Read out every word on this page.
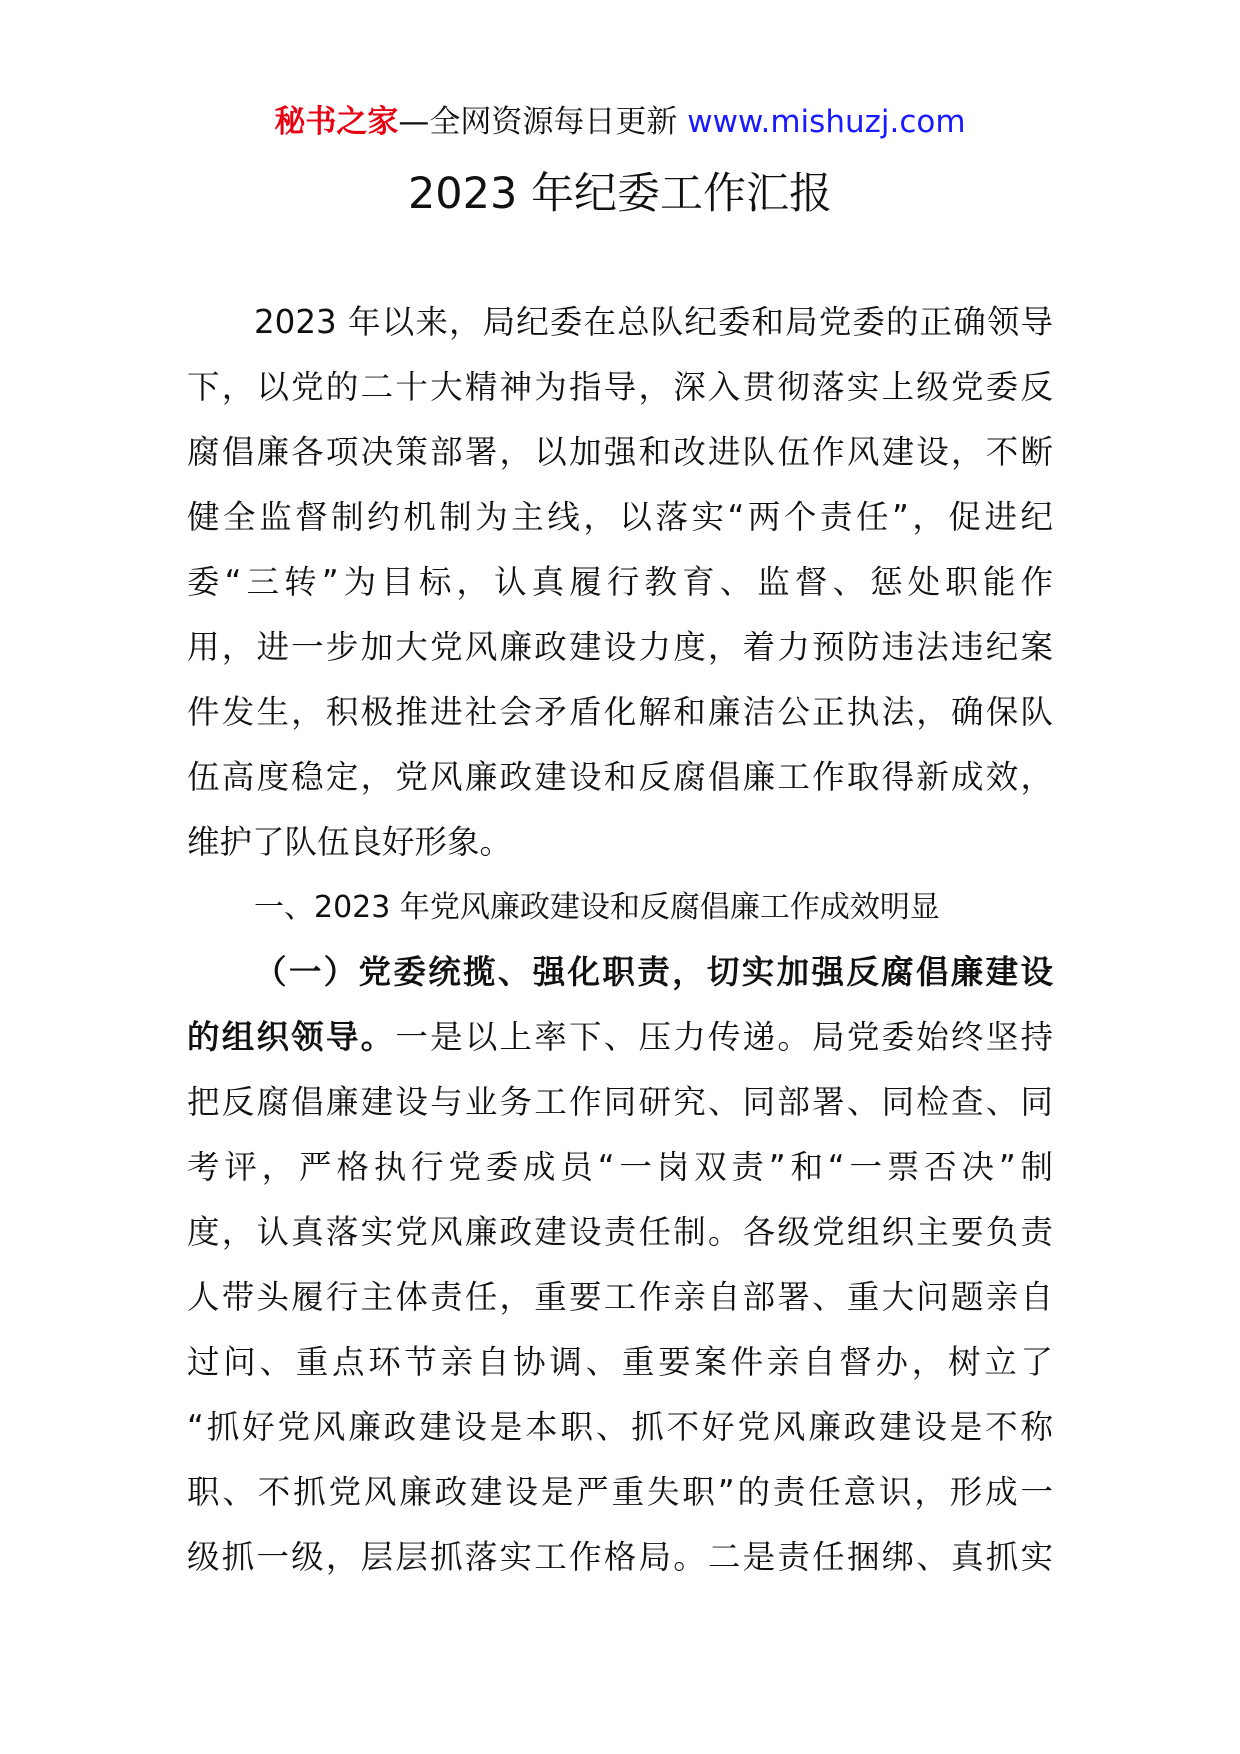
秘书之家—全网资源每日更新 www.mishuzj.com
2023 年纪委工作汇报
2023 年以来，局纪委在总队纪委和局党委的正确领导
下，以党的二十大精神为指导，深入贯彻落实上级党委反
腐倡廉各项决策部署，以加强和改进队伍作风建设，不断
健全监督制约机制为主线，以落实“两个责任”，促进纪
委“三转”为目标，认真履行教育、监督、惩处职能作
用，进一步加大党风廉政建设力度，着力预防违法违纪案
件发生，积极推进社会矛盾化解和廉洁公正执法，确保队
伍高度稳定，党风廉政建设和反腐倡廉工作取得新成效，
维护了队伍良好形象。
一、2023 年党风廉政建设和反腐倡廉工作成效明显
（一）党委统揽、强化职责，切实加强反腐倡廉建设
的组织领导。一是以上率下、压力传递。局党委始终坚持
把反腐倡廉建设与业务工作同研究、同部署、同检查、同
考评，严格执行党委成员“一岗双责”和“一票否决”制
度，认真落实党风廉政建设责任制。各级党组织主要负责
人带头履行主体责任，重要工作亲自部署、重大问题亲自
过问、重点环节亲自协调、重要案件亲自督办，树立了
“抓好党风廉政建设是本职、抓不好党风廉政建设是不称
职、不抓党风廉政建设是严重失职”的责任意识，形成一
级抓一级，层层抓落实工作格局。二是责任捆绑、真抓实
